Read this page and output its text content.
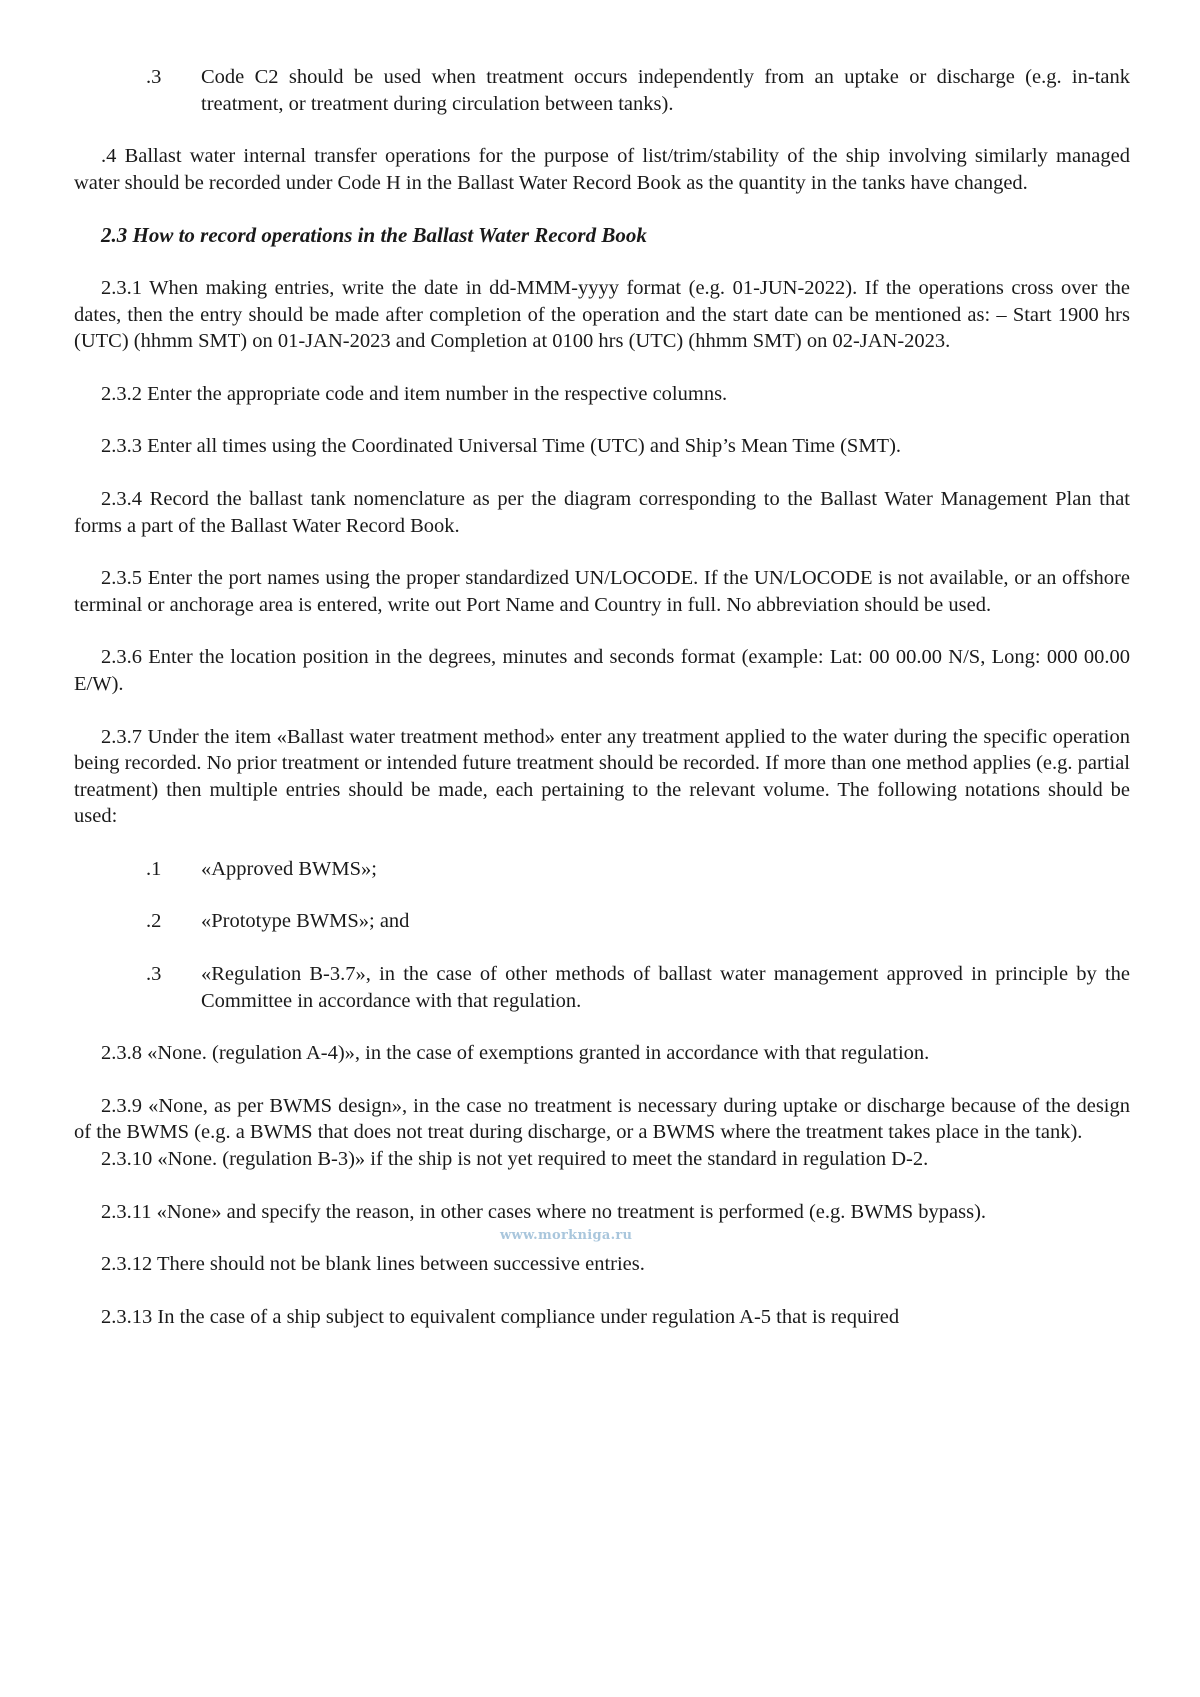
.3	Code C2 should be used when treatment occurs independently from an uptake or discharge (e.g. in-tank treatment, or treatment during circulation between tanks).

.4 Ballast water internal transfer operations for the purpose of list/trim/stability of the ship involving similarly managed water should be recorded under Code H in the Ballast Water Record Book as the quantity in the tanks have changed.

2.3 How to record operations in the Ballast Water Record Book

2.3.1 When making entries, write the date in dd-MMM-yyyy format (e.g. 01-JUN-2022). If the operations cross over the dates, then the entry should be made after completion of the operation and the start date can be mentioned as: – Start 1900 hrs (UTC) (hhmm SMT) on 01-JAN-2023 and Completion at 0100 hrs (UTC) (hhmm SMT) on 02-JAN-2023.

2.3.2 Enter the appropriate code and item number in the respective columns.

2.3.3 Enter all times using the Coordinated Universal Time (UTC) and Ship’s Mean Time (SMT).

2.3.4 Record the ballast tank nomenclature as per the diagram corresponding to the Ballast Water Management Plan that forms a part of the Ballast Water Record Book.

2.3.5 Enter the port names using the proper standardized UN/LOCODE. If the UN/LOCODE is not available, or an offshore terminal or anchorage area is entered, write out Port Name and Country in full. No abbreviation should be used.

2.3.6 Enter the location position in the degrees, minutes and seconds format (example: Lat: 00 00.00 N/S, Long: 000 00.00 E/W).

2.3.7 Under the item «Ballast water treatment method» enter any treatment applied to the water during the specific operation being recorded. No prior treatment or intended future treatment should be recorded. If more than one method applies (e.g. partial treatment) then multiple entries should be made, each pertaining to the relevant volume. The following notations should be used:

.1	«Approved BWMS»;
.2	«Prototype BWMS»; and
.3	«Regulation B-3.7», in the case of other methods of ballast water management approved in principle by the Committee in accordance with that regulation.

2.3.8 «None. (regulation A-4)», in the case of exemptions granted in accordance with that regulation.

2.3.9 «None, as per BWMS design», in the case no treatment is necessary during uptake or discharge because of the design of the BWMS (e.g. a BWMS that does not treat during discharge, or a BWMS where the treatment takes place in the tank).

2.3.10 «None. (regulation B-3)» if the ship is not yet required to meet the standard in regulation D-2.

2.3.11 «None» and specify the reason, in other cases where no treatment is performed (e.g. BWMS bypass).

www.morkniga.ru

2.3.12 There should not be blank lines between successive entries.

2.3.13 In the case of a ship subject to equivalent compliance under regulation A-5 that is required
